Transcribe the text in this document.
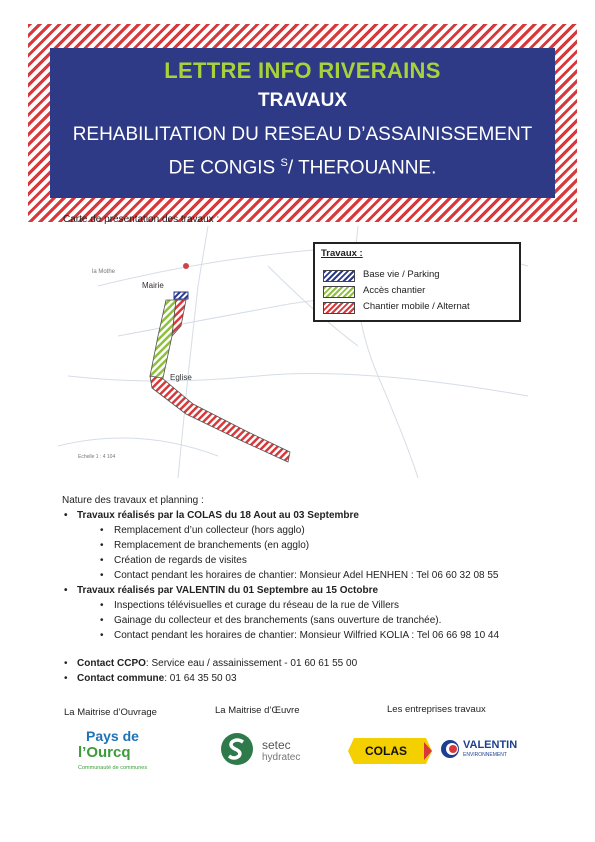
LETTRE INFO RIVERAINS
TRAVAUX
REHABILITATION DU RESEAU D’ASSAINISSEMENT
DE CONGIS $^S$/ THEROUANNE.
Carte de présentation des travaux :
la Mothe
Echelle 1 : 4 104
Mairie
Eglise
Travaux :
Base vie / Parking
Accès chantier
Chantier mobile / Alternat
Nature des travaux et planning :
• Travaux réalisés par la COLAS du 18 Aout au 03 Septembre
• Remplacement d’un collecteur (hors agglo)
• Remplacement de branchements (en agglo)
• Création de regards de visites
• Contact pendant les horaires de chantier: Monsieur Adel HENHEN : Tel 06 60 32 08 55
• Travaux réalisés par VALENTIN du 01 Septembre au 15 Octobre
• Inspections télévisuelles et curage du réseau de la rue de Villers
• Gainage du collecteur et des branchements (sans ouverture de tranchée).
• Contact pendant les horaires de chantier: Monsieur Wilfried KOLIA : Tel 06 66 98 10 44
• Contact CCPO: Service eau / assainissement - 01 60 61 55 00
• Contact commune: 01 64 35 50 03
La Maitrise d’Ouvrage	La Maitrise d’Œuvre	Les entreprises travaux
Pays de
l’Ourcq
Communauté de communes
setec
hydratec	COLAS	VALENTIN
ENVIRONNEMENT
